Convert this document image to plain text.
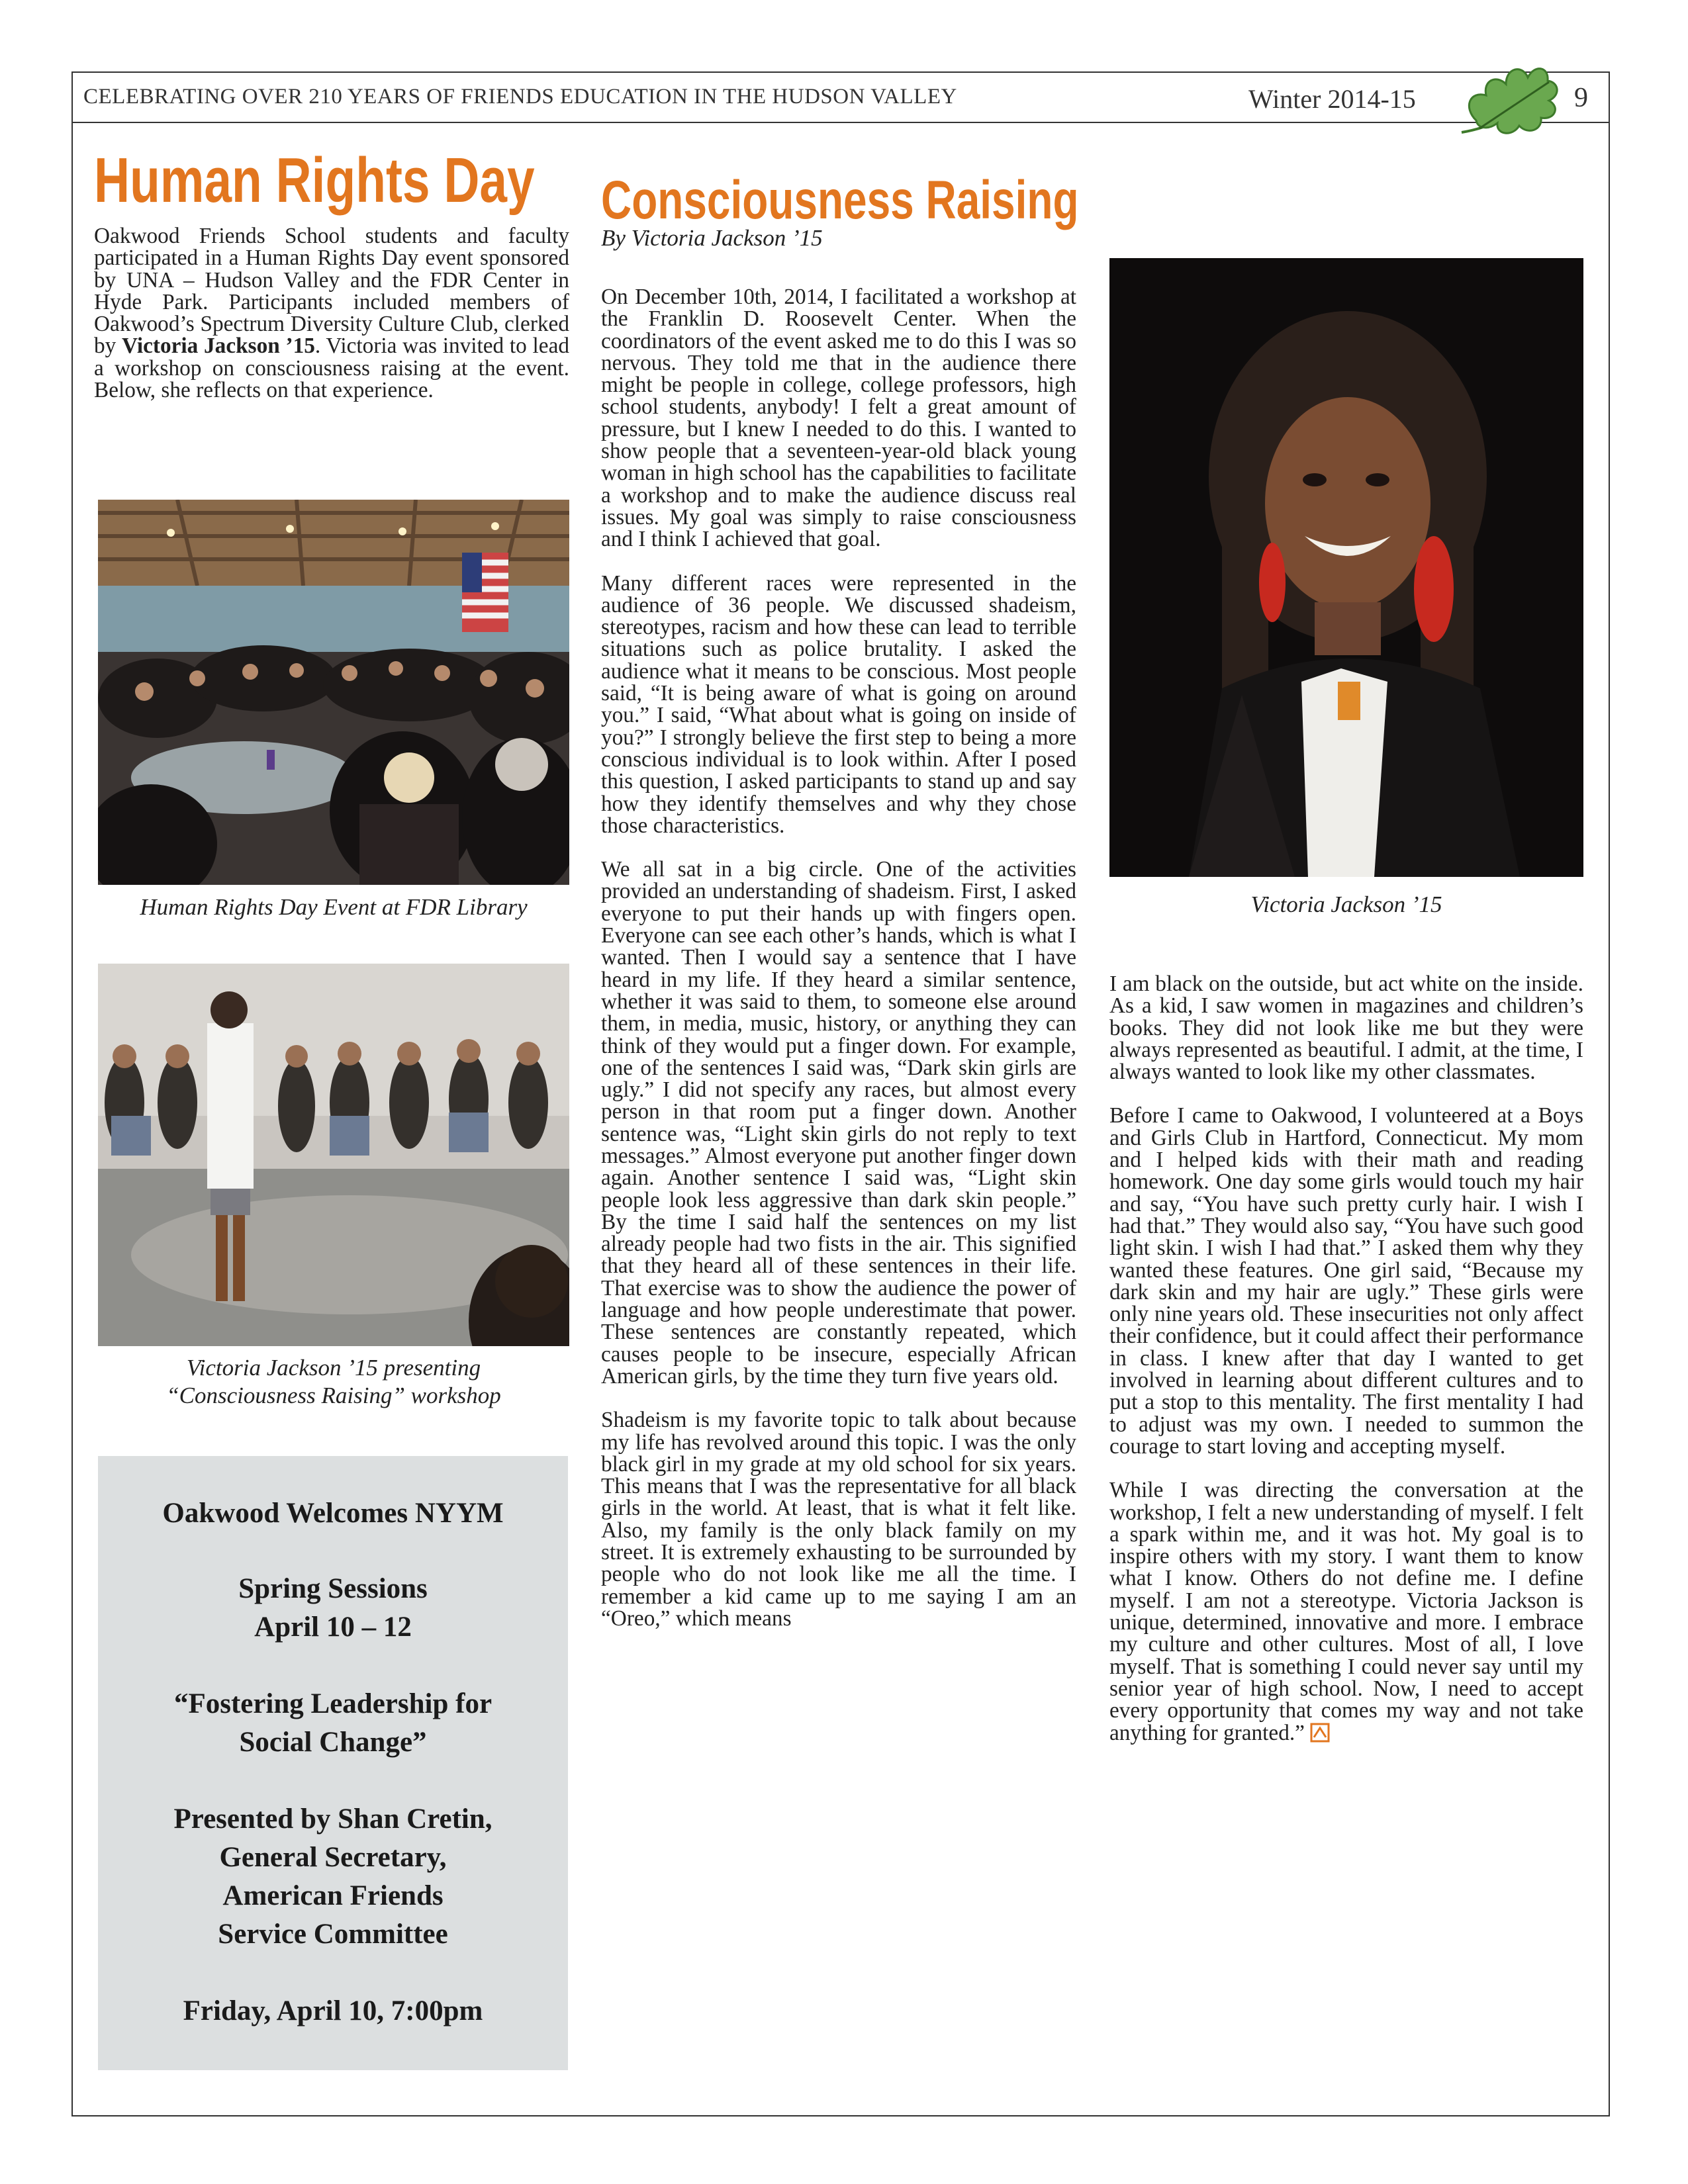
CELEBRATING OVER 210 YEARS OF FRIENDS EDUCATION IN THE HUDSON VALLEY	Winter 2014-15	9
Human Rights Day

Oakwood Friends School students and faculty participated in a Human Rights Day event sponsored by UNA – Hudson Valley and the FDR Center in Hyde Park. Participants included members of Oakwood’s Spectrum Diversity Culture Club, clerked by Victoria Jackson ’15. Victoria was invited to lead a workshop on consciousness raising at the event. Below, she reflects on that experience.

Human Rights Day Event at FDR Library
Victoria Jackson ’15 presenting
“Consciousness Raising” workshop
Oakwood Welcomes NYYM
Spring Sessions
April 10 – 12
“Fostering Leadership for
Social Change”
Presented by Shan Cretin,
General Secretary,
American Friends
Service Committee
Friday, April 10, 7:00pm
Consciousness Raising
By Victoria Jackson ’15

On December 10th, 2014, I facilitated a workshop at the Franklin D. Roosevelt Center. When the coordinators of the event asked me to do this I was so nervous. They told me that in the audience there might be people in college, college professors, high school students, anybody! I felt a great amount of pressure, but I knew I needed to do this. I wanted to show people that a seventeen-year-old black young woman in high school has the capabilities to facilitate a workshop and to make the audience discuss real issues. My goal was simply to raise consciousness and I think I achieved that goal.

Many different races were represented in the audience of 36 people. We discussed shadeism, stereotypes, racism and how these can lead to terrible situations such as police brutality. I asked the audience what it means to be conscious. Most people said, “It is being aware of what is going on around you.” I said, “What about what is going on inside of you?” I strongly believe the first step to being a more conscious individual is to look within. After I posed this question, I asked participants to stand up and say how they identify themselves and why they chose those characteristics.

We all sat in a big circle. One of the activities provided an understanding of shadeism. First, I asked everyone to put their hands up with fingers open. Everyone can see each other’s hands, which is what I wanted. Then I would say a sentence that I have heard in my life. If they heard a similar sentence, whether it was said to them, to someone else around them, in media, music, history, or anything they can think of they would put a finger down. For example, one of the sentences I said was, “Dark skin girls are ugly.” I did not specify any races, but almost every person in that room put a finger down. Another sentence was, “Light skin girls do not reply to text messages.” Almost everyone put another finger down again. Another sentence I said was, “Light skin people look less aggressive than dark skin people.” By the time I said half the sentences on my list already people had two fists in the air. This signified that they heard all of these sentences in their life. That exercise was to show the audience the power of language and how people underestimate that power. These sentences are constantly repeated, which causes people to be insecure, especially African American girls, by the time they turn five years old.

Shadeism is my favorite topic to talk about because my life has revolved around this topic. I was the only black girl in my grade at my old school for six years. This means that I was the representative for all black girls in the world. At least, that is what it felt like. Also, my family is the only black family on my street. It is extremely exhausting to be surrounded by people who do not look like me all the time. I remember a kid came up to me saying I am an “Oreo,” which means

Victoria Jackson ’15

I am black on the outside, but act white on the inside. As a kid, I saw women in magazines and children’s books. They did not look like me but they were always represented as beautiful. I admit, at the time, I always wanted to look like my other classmates.

Before I came to Oakwood, I volunteered at a Boys and Girls Club in Hartford, Connecticut. My mom and I helped kids with their math and reading homework. One day some girls would touch my hair and say, “You have such pretty curly hair. I wish I had that.” They would also say, “You have such good light skin. I wish I had that.” I asked them why they wanted these features. One girl said, “Because my dark skin and my hair are ugly.” These girls were only nine years old. These insecurities not only affect their confidence, but it could affect their performance in class. I knew after that day I wanted to get involved in learning about different cultures and to put a stop to this mentality. The first mentality I had to adjust was my own. I needed to summon the courage to start loving and accepting myself.

While I was directing the conversation at the workshop, I felt a new understanding of myself. I felt a spark within me, and it was hot. My goal is to inspire others with my story. I want them to know what I know. Others do not define me. I define myself. I am not a stereotype. Victoria Jackson is unique, determined, innovative and more. I embrace my culture and other cultures. Most of all, I love myself. That is something I could never say until my senior year of high school. Now, I need to accept every opportunity that comes my way and not take anything for granted.”
